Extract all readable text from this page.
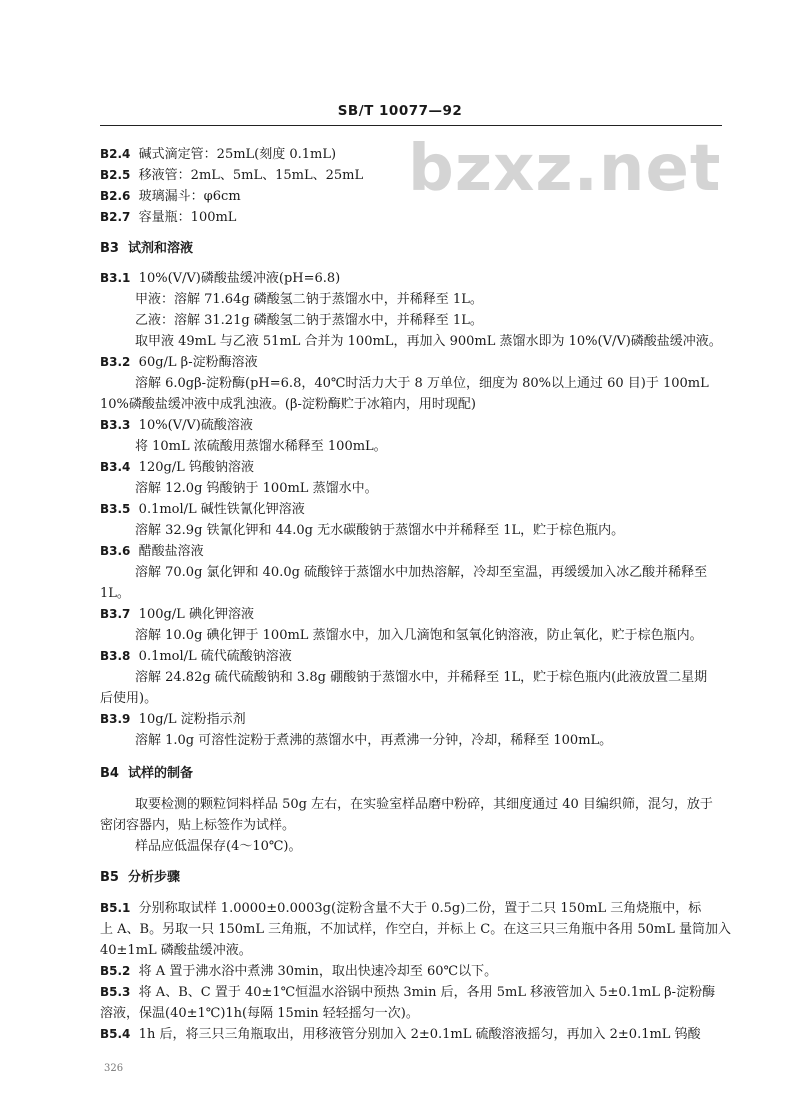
SB/T 10077—92
bzxz.net
B2.4 碱式滴定管：25mL(刻度 0.1mL)
B2.5 移液管：2mL、5mL、15mL、25mL
B2.6 玻璃漏斗：φ6cm
B2.7 容量瓶：100mL
B3 试剂和溶液
B3.1 10%(V/V)磷酸盐缓冲液(pH=6.8)
甲液：溶解 71.64g 磷酸氢二钠于蒸馏水中，并稀释至 1L。
乙液：溶解 31.21g 磷酸氢二钠于蒸馏水中，并稀释至 1L。
取甲液 49mL 与乙液 51mL 合并为 100mL，再加入 900mL 蒸馏水即为 10%(V/V)磷酸盐缓冲液。
B3.2 60g/L β-淀粉酶溶液
溶解 6.0gβ-淀粉酶(pH=6.8，40℃时活力大于 8 万单位，细度为 80%以上通过 60 目)于 100mL
10%磷酸盐缓冲液中成乳浊液。(β-淀粉酶贮于冰箱内，用时现配)
B3.3 10%(V/V)硫酸溶液
将 10mL 浓硫酸用蒸馏水稀释至 100mL。
B3.4 120g/L 钨酸钠溶液
溶解 12.0g 钨酸钠于 100mL 蒸馏水中。
B3.5 0.1mol/L 碱性铁氰化钾溶液
溶解 32.9g 铁氰化钾和 44.0g 无水碳酸钠于蒸馏水中并稀释至 1L，贮于棕色瓶内。
B3.6 醋酸盐溶液
溶解 70.0g 氯化钾和 40.0g 硫酸锌于蒸馏水中加热溶解，冷却至室温，再缓缓加入冰乙酸并稀释至
1L。
B3.7 100g/L 碘化钾溶液
溶解 10.0g 碘化钾于 100mL 蒸馏水中，加入几滴饱和氢氧化钠溶液，防止氧化，贮于棕色瓶内。
B3.8 0.1mol/L 硫代硫酸钠溶液
溶解 24.82g 硫代硫酸钠和 3.8g 硼酸钠于蒸馏水中，并稀释至 1L，贮于棕色瓶内(此液放置二星期
后使用)。
B3.9 10g/L 淀粉指示剂
溶解 1.0g 可溶性淀粉于煮沸的蒸馏水中，再煮沸一分钟，冷却，稀释至 100mL。
B4 试样的制备
取要检测的颗粒饲料样品 50g 左右，在实验室样品磨中粉碎，其细度通过 40 目编织筛，混匀，放于
密闭容器内，贴上标签作为试样。
样品应低温保存(4～10℃)。
B5 分析步骤
B5.1 分别称取试样 1.0000±0.0003g(淀粉含量不大于 0.5g)二份，置于二只 150mL 三角烧瓶中，标
上 A、B。另取一只 150mL 三角瓶，不加试样，作空白，并标上 C。在这三只三角瓶中各用 50mL 量筒加入
40±1mL 磷酸盐缓冲液。
B5.2 将 A 置于沸水浴中煮沸 30min，取出快速冷却至 60℃以下。
B5.3 将 A、B、C 置于 40±1℃恒温水浴锅中预热 3min 后，各用 5mL 移液管加入 5±0.1mL β-淀粉酶
溶液，保温(40±1℃)1h(每隔 15min 轻轻摇匀一次)。
B5.4 1h 后，将三只三角瓶取出，用移液管分别加入 2±0.1mL 硫酸溶液摇匀，再加入 2±0.1mL 钨酸
326
